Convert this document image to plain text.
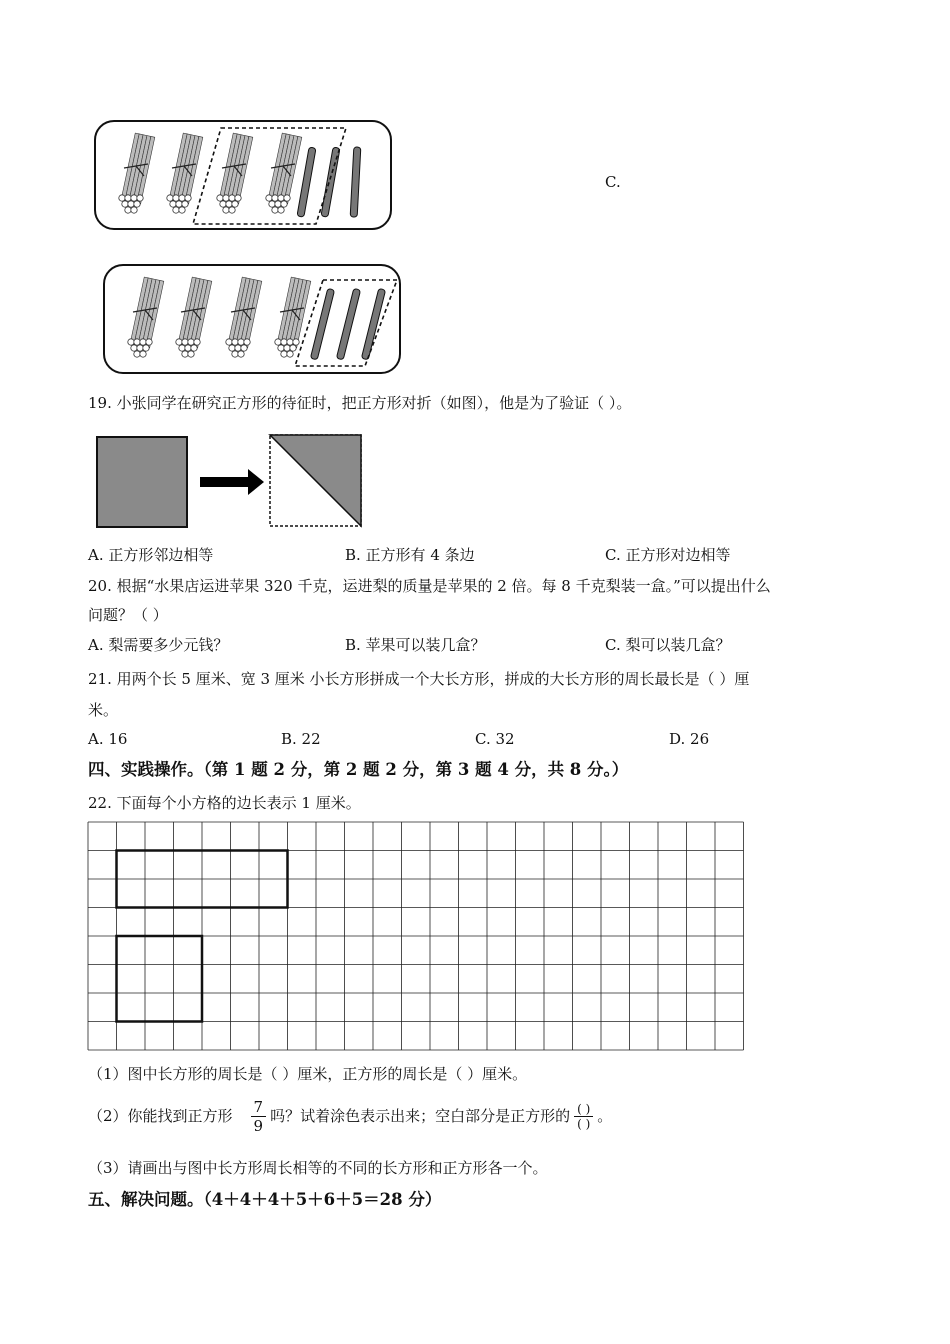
C.
19. 小张同学在研究正方形的待征时，把正方形对折（如图），他是为了验证（ ）。
A. 正方形邻边相等	B. 正方形有 4 条边	C. 正方形对边相等
20. 根据“水果店运进苹果 320 千克，运进梨的质量是苹果的 2 倍。每 8 千克梨装一盒。”可以提出什么
问题？（ ）
A. 梨需要多少元钱？	B. 苹果可以装几盒？	C. 梨可以装几盒？
21. 用两个长 5 厘米、宽 3 厘米 小长方形拼成一个大长方形，拼成的大长方形的周长最长是（ ）厘
米。
A. 16	B. 22	C. 32	D. 26
四、实践操作。（第 1 题 2 分，第 2 题 2 分，第 3 题 4 分，共 8 分。）
22. 下面每个小方格的边长表示 1 厘米。
（1）图中长方形的周长是（ ）厘米，正方形的周长是（ ）厘米。
（2）你能找到正方形 $\frac{7}{9}$ 吗？试着涂色表示出来；空白部分是正方形的 $\frac{( )}{( )}$ 。
（3）请画出与图中长方形周长相等的不同的长方形和正方形各一个。
五、解决问题。（4＋4＋4＋5＋6＋5＝28 分）
